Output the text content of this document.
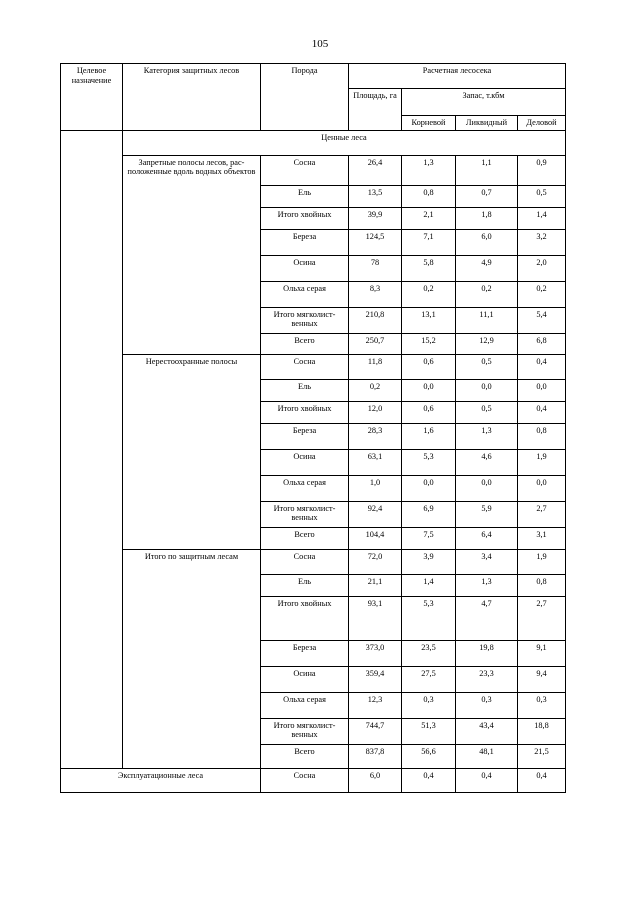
105
Целевое назначение	Категория защитных лесов	Порода	Расчетная лесосека			
			Площадь, га	Запас, т.кбм		
				Корневой	Ликвидный	Деловой
	Ценные леса					
	Запретные полосы лесов, рас-положенные вдоль водных объектов	Сосна	26,4	1,3	1,1	0,9
		Ель	13,5	0,8	0,7	0,5
		Итого хвойных	39,9	2,1	1,8	1,4
		Береза	124,5	7,1	6,0	3,2
		Осина	78	5,8	4,9	2,0
		Ольха серая	8,3	0,2	0,2	0,2
		Итого мягколист-венных	210,8	13,1	11,1	5,4
		Всего	250,7	15,2	12,9	6,8
	Нерестоохранные полосы	Сосна	11,8	0,6	0,5	0,4
		Ель	0,2	0,0	0,0	0,0
		Итого хвойных	12,0	0,6	0,5	0,4
		Береза	28,3	1,6	1,3	0,8
		Осина	63,1	5,3	4,6	1,9
		Ольха серая	1,0	0,0	0,0	0,0
		Итого мягколист-венных	92,4	6,9	5,9	2,7
		Всего	104,4	7,5	6,4	3,1
	Итого по защитным лесам	Сосна	72,0	3,9	3,4	1,9
		Ель	21,1	1,4	1,3	0,8
		Итого хвойных	93,1	5,3	4,7	2,7
		Береза	373,0	23,5	19,8	9,1
		Осина	359,4	27,5	23,3	9,4
		Ольха серая	12,3	0,3	0,3	0,3
		Итого мягколист-венных	744,7	51,3	43,4	18,8
		Всего	837,8	56,6	48,1	21,5
Эксплуатационные леса		Сосна	6,0	0,4	0,4	0,4
